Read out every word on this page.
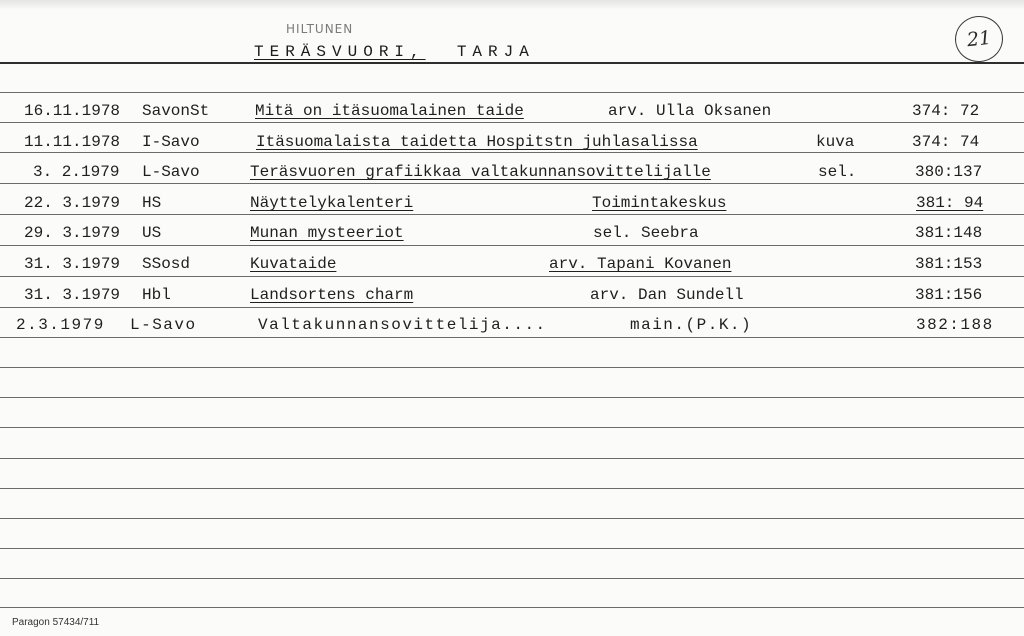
HILTUNEN
TERÄSVUORI, TARJA
21
16.11.1978 SavonSt	Mitä on itäsuomalainen taide	arv. Ulla Oksanen	374: 72
11.11.1978 I-Savo	Itäsuomalaista taidetta Hospitstn juhlasalissa	kuva	374: 74
3. 2.1979 L-Savo	Teräsvuoren grafiikkaa valtakunnansovittelijalle	sel.	380:137
22. 3.1979 HS	Näyttelykalenteri	Toimintakeskus	381: 94
29. 3.1979 US	Munan mysteeriot	sel. Seebra	381:148
31. 3.1979 SSosd	Kuvataide	arv. Tapani Kovanen	381:153
31. 3.1979 Hbl	Landsortens charm	arv. Dan Sundell	381:156
2.3.1979 L-Savo	Valtakunnansovittelija....	main.(P.K.)	382:188
Paragon 57434/711
